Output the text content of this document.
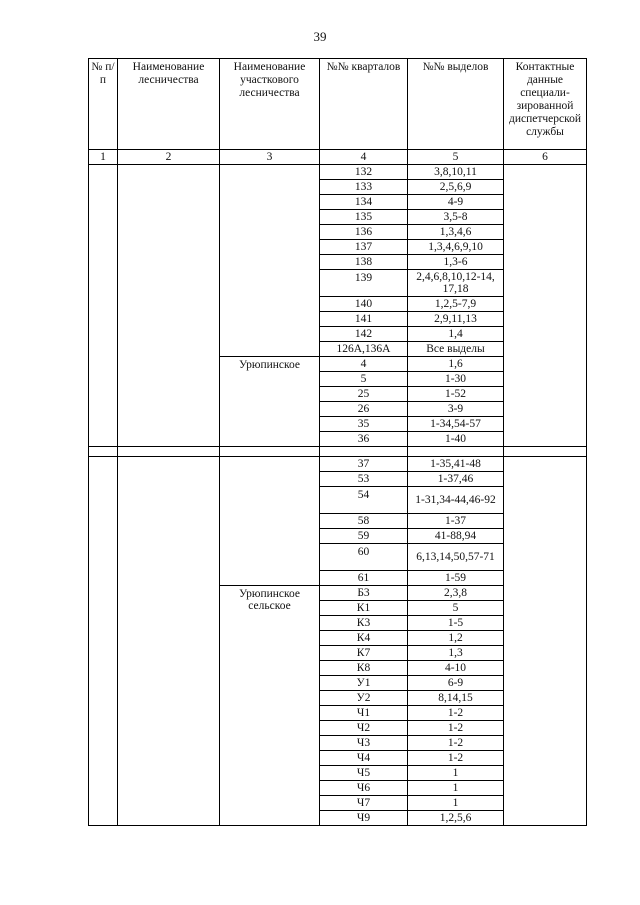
39
№ п/п	Наименование лесничества	Наименование участкового лесничества	№№ кварталов	№№ выделов	Контактные данные специали-зированной диспетчерской службы
1	2	3	4	5	6
			132	3,8,10,11	
			133	2,5,6,9	
			134	4-9	
			135	3,5-8	
			136	1,3,4,6	
			137	1,3,4,6,9,10	
			138	1,3-6	
			139	2,4,6,8,10,12-14, 17,18	
			140	1,2,5-7,9	
			141	2,9,11,13	
			142	1,4	
			126А,136А	Все выделы	
		Урюпинское	4	1,6	
			5	1-30	
			25	1-52	
			26	3-9	
			35	1-34,54-57	
			36	1-40	

			37	1-35,41-48	
			53	1-37,46	
			54	1-31,34-44,46-92	
			58	1-37	
			59	41-88,94	
			60	6,13,14,50,57-71	
			61	1-59	
		Урюпинское сельское	Б3	2,3,8	
			К1	5	
			К3	1-5	
			К4	1,2	
			К7	1,3	
			К8	4-10	
			У1	6-9	
			У2	8,14,15	
			Ч1	1-2	
			Ч2	1-2	
			Ч3	1-2	
			Ч4	1-2	
			Ч5	1	
			Ч6	1	
			Ч7	1	
			Ч9	1,2,5,6	
